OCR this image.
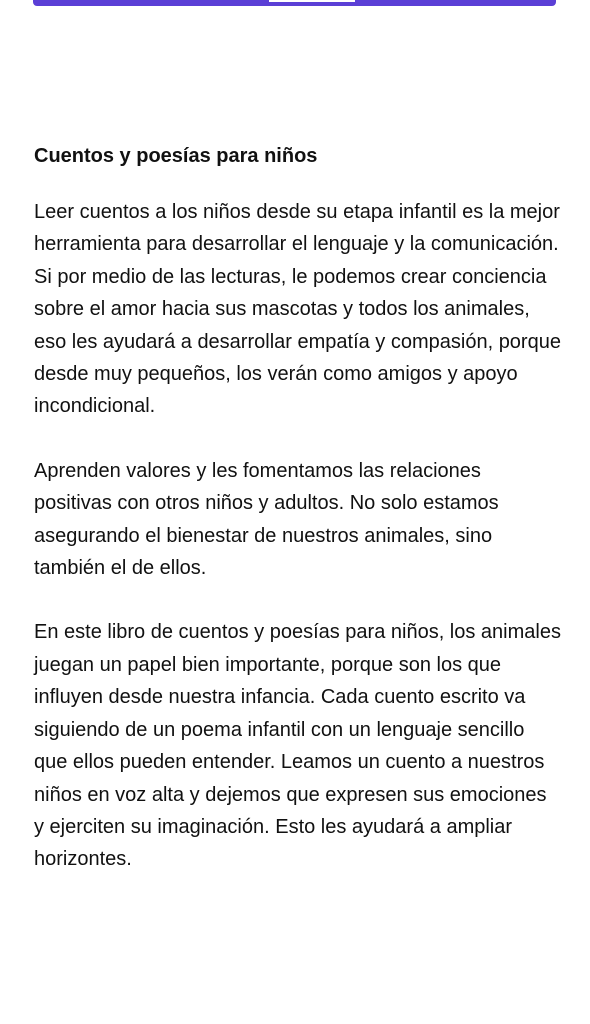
Cuentos y poesías para niños

Leer cuentos a los niños desde su etapa infantil es la mejor herramienta para desarrollar el lenguaje y la comunicación. Si por medio de las lecturas, le podemos crear conciencia sobre el amor hacia sus mascotas y todos los animales, eso les ayudará a desarrollar empatía y compasión, porque desde muy pequeños, los verán como amigos y apoyo incondicional.

Aprenden valores y les fomentamos las relaciones positivas con otros niños y adultos. No solo estamos asegurando el bienestar de nuestros animales, sino también el de ellos.

En este libro de cuentos y poesías para niños, los animales juegan un papel bien importante, porque son los que influyen desde nuestra infancia. Cada cuento escrito va siguiendo de un poema infantil con un lenguaje sencillo que ellos pueden entender. Leamos un cuento a nuestros niños en voz alta y dejemos que expresen sus emociones y ejerciten su imaginación. Esto les ayudará a ampliar horizontes.
